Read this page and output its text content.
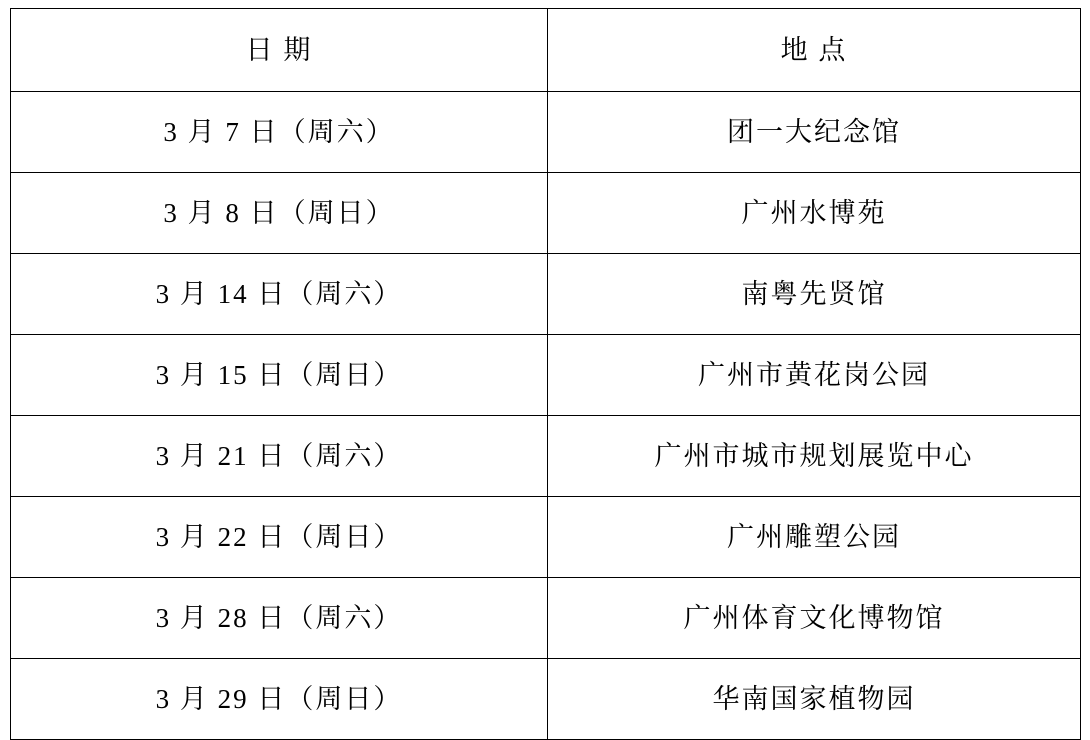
日 期	地 点
3 月 7 日（周六）	团一大纪念馆
3 月 8 日（周日）	广州水博苑
3 月 14 日（周六）	南粤先贤馆
3 月 15 日（周日）	广州市黄花岗公园
3 月 21 日（周六）	广州市城市规划展览中心
3 月 22 日（周日）	广州雕塑公园
3 月 28 日（周六）	广州体育文化博物馆
3 月 29 日（周日）	华南国家植物园
